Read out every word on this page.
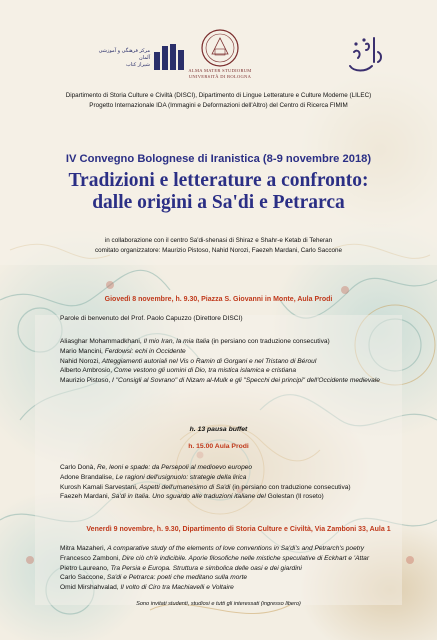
مرکز فرهنگی و آموزشی آلمان
شیراز کتاب
ALMA MATER STUDIORUM
UNIVERSITÀ DI BOLOGNA
Dipartimento di Storia Culture e Civiltà (DISCI), Dipartimento di Lingue Letterature e Culture Moderne (LILEC)
Progetto Internazionale IDA (Immagini e Deformazioni dell'Altro) del Centro di Ricerca FIMIM
IV Convegno Bolognese di Iranistica (8-9 novembre 2018)
Tradizioni e letterature a confronto:
dalle origini a Sa'di e Petrarca
in collaborazione con il centro Sa'di-shenasi di Shiraz e Shahr-e Ketab di Teheran
comitato organizzatore: Maurizio Pistoso, Nahid Norozi, Faezeh Mardani, Carlo Saccone
Giovedì 8 novembre, h. 9.30, Piazza S. Giovanni in Monte, Aula Prodi
Parole di benvenuto del Prof. Paolo Capuzzo (Direttore DISCI)
Aliasghar Mohammadkhani, Il mio Iran, la mia Italia (in persiano con traduzione consecutiva)
Mario Mancini, Ferdowsi: echi in Occidente
Nahid Norozi, Atteggiamenti autoriali nel Vis o Ramin di Gorgani e nel Tristano di Béroul
Alberto Ambrosio, Come vestono gli uomini di Dio, tra mistica islamica e cristiana
Maurizio Pistoso, I "Consigli al Sovrano" di Nizam al-Mulk e gli "Specchi dei principi" dell'Occidente medievale
h. 13 pausa buffet
h. 15.00 Aula Prodi
Carlo Donà, Re, leoni e spade: da Persepoli al medioevo europeo
Adone Brandalise, Le ragioni dell'usignuolo: strategie della lirica
Kurosh Kamali Sarvestani, Aspetti dell'umanesimo di Sa'di (in persiano con traduzione consecutiva)
Faezeh Mardani, Sa'di in Italia. Uno sguardo alle traduzioni italiane del Golestan (Il roseto)
Venerdì 9 novembre, h. 9.30, Dipartimento di Storia Culture e Civiltà, Via Zamboni 33, Aula 1
Mitra Mazaheri, A comparative study of the elements of love conventions in Sa'di's and Petrarch's poetry
Francesco Zamboni, Dire ciò ch'è indicibile. Aporie filosofiche nelle mistiche speculative di Eckhart e 'Attar
Pietro Laureano, Tra Persia e Europa. Struttura e simbolica delle oasi e dei giardini
Carlo Saccone, Sa'di e Petrarca: poeti che meditano sulla morte
Omid Mirshahvalad, Il volto di Ciro tra Machiavelli e Voltaire
Sono invitati studenti, studiosi e tutti gli interessati (ingresso libero)
